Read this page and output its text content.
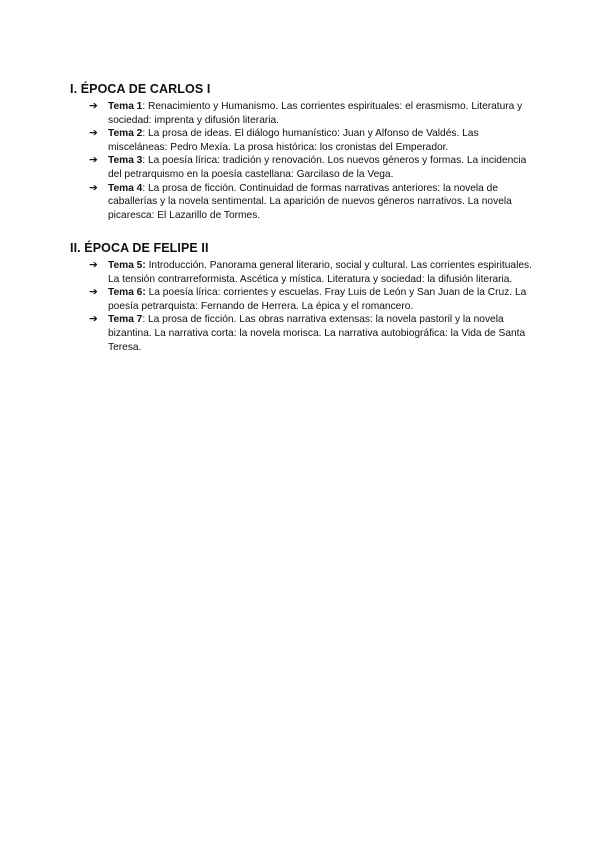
I. ÉPOCA DE CARLOS I
➔ Tema 1: Renacimiento y Humanismo. Las corrientes espirituales: el erasmismo. Literatura y sociedad: imprenta y difusión literaria.
➔ Tema 2: La prosa de ideas. El diálogo humanístico: Juan y Alfonso de Valdés. Las misceláneas: Pedro Mexía. La prosa histórica: los cronistas del Emperador.
➔ Tema 3: La poesía lírica: tradición y renovación. Los nuevos géneros y formas. La incidencia del petrarquismo en la poesía castellana: Garcilaso de la Vega.
➔ Tema 4: La prosa de ficción. Continuidad de formas narrativas anteriores: la novela de caballerías y la novela sentimental. La aparición de nuevos géneros narrativos. La novela picaresca: El Lazarillo de Tormes.
II. ÉPOCA DE FELIPE II
➔ Tema 5: Introducción. Panorama general literario, social y cultural. Las corrientes espirituales. La tensión contrarreformista. Ascética y mística. Literatura y sociedad: la difusión literaria.
➔ Tema 6: La poesía lírica: corrientes y escuelas. Fray Luis de León y San Juan de la Cruz. La poesía petrarquista: Fernando de Herrera. La épica y el romancero.
➔ Tema 7: La prosa de ficción. Las obras narrativa extensas: la novela pastoril y la novela bizantina. La narrativa corta: la novela morisca. La narrativa autobiográfica: la Vida de Santa Teresa.
